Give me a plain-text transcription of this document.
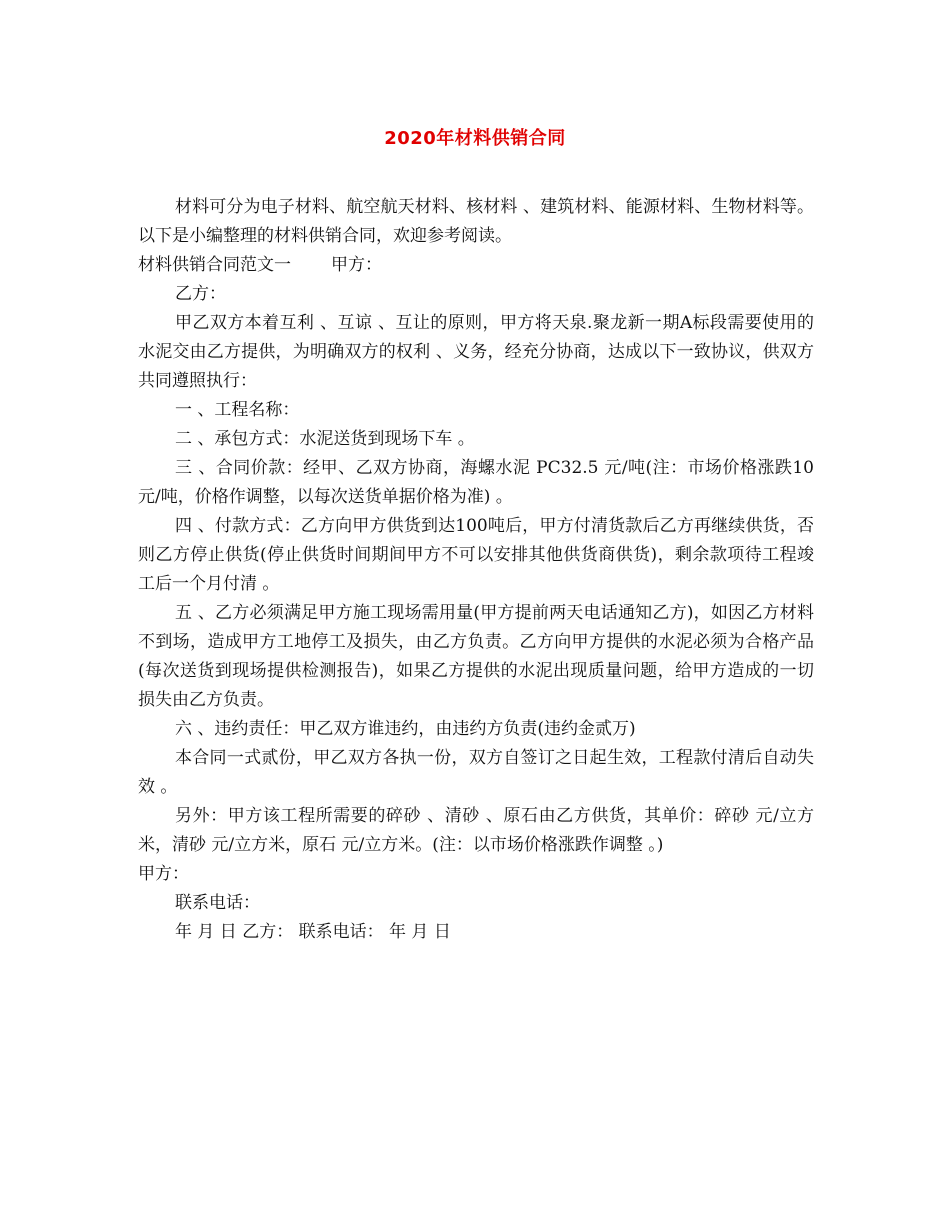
2020年材料供销合同

材料可分为电子材料、航空航天材料、核材料 、建筑材料、能源材料、生物材料等。以下是小编整理的材料供销合同，欢迎参考阅读。

材料供销合同范文一 甲方：

乙方：

甲乙双方本着互利 、互谅 、互让的原则，甲方将天泉.聚龙新一期A标段需要使用的水泥交由乙方提供，为明确双方的权利 、义务，经充分协商，达成以下一致协议，供双方共同遵照执行：

一 、工程名称：

二 、承包方式：水泥送货到现场下车 。

三 、合同价款：经甲、乙双方协商，海螺水泥 PC32.5 元/吨(注：市场价格涨跌10元/吨，价格作调整，以每次送货单据价格为准) 。

四 、付款方式：乙方向甲方供货到达100吨后，甲方付清货款后乙方再继续供货，否则乙方停止供货(停止供货时间期间甲方不可以安排其他供货商供货)，剩余款项待工程竣工后一个月付清 。

五 、乙方必须满足甲方施工现场需用量(甲方提前两天电话通知乙方)，如因乙方材料不到场，造成甲方工地停工及损失，由乙方负责。乙方向甲方提供的水泥必须为合格产品(每次送货到现场提供检测报告)，如果乙方提供的水泥出现质量问题，给甲方造成的一切损失由乙方负责。

六 、违约责任：甲乙双方谁违约，由违约方负责(违约金贰万)

本合同一式贰份，甲乙双方各执一份，双方自签订之日起生效，工程款付清后自动失效 。

另外：甲方该工程所需要的碎砂 、清砂 、原石由乙方供货，其单价：碎砂 元/立方米，清砂 元/立方米，原石 元/立方米。(注：以市场价格涨跌作调整 。)

甲方：

联系电话：

年 月 日 乙方： 联系电话： 年 月 日
